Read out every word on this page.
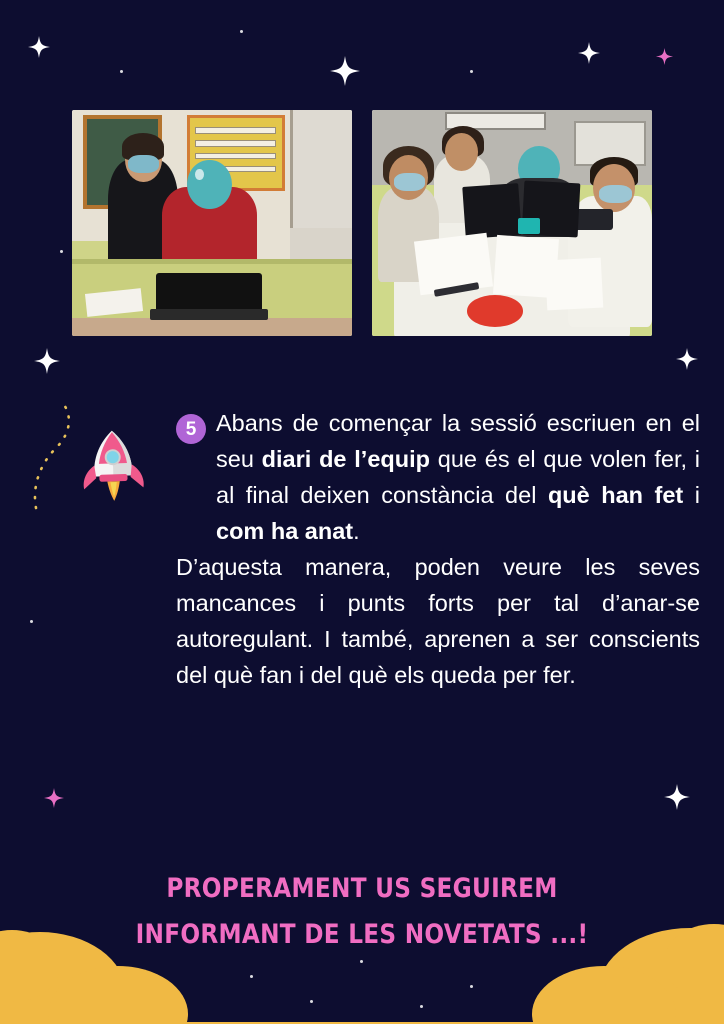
5 Abans de començar la sessió escriuen en el seu diari de l’equip que és el que volen fer, i al final deixen constància del què han fet i com ha anat.

D’aquesta manera, poden veure les seves mancances i punts forts per tal d’anar-se autoregulant. I també, aprenen a ser conscients del què fan i del què els queda per fer.

PROPERAMENT US SEGUIREM INFORMANT DE LES NOVETATS ...!
